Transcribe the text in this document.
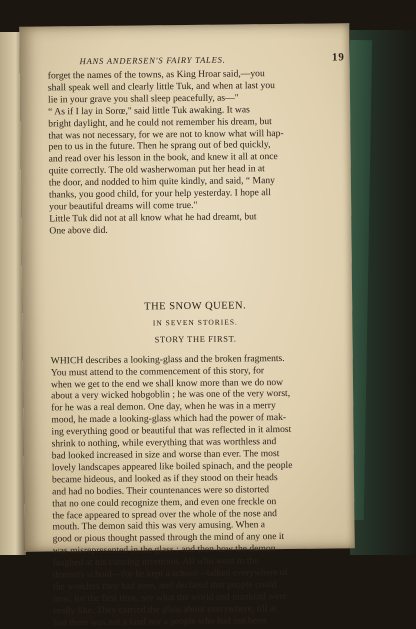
HANS ANDERSEN'S FAIRY TALES.	19
forget the names of the towns, as King Hroar said,—you
shall speak well and clearly little Tuk, and when at last you
lie in your grave you shall sleep peacefully, as—"
“ As if I lay in Sorœ," said little Tuk awaking. It was
bright daylight, and he could not remember his dream, but
that was not necessary, for we are not to know what will hap-
pen to us in the future. Then he sprang out of bed quickly,
and read over his lesson in the book, and knew it all at once
quite correctly. The old washerwoman put her head in at
the door, and nodded to him quite kindly, and said, “ Many
thanks, you good child, for your help yesterday. I hope all
your beautiful dreams will come true."
Little Tuk did not at all know what he had dreamt, but
One above did.
THE SNOW QUEEN.
IN SEVEN STORIES.
STORY THE FIRST.
WHICH describes a looking-glass and the broken fragments.
You must attend to the commencement of this story, for
when we get to the end we shall know more than we do now
about a very wicked hobgoblin ; he was one of the very worst,
for he was a real demon. One day, when he was in a merry
mood, he made a looking-glass which had the power of mak-
ing everything good or beautiful that was reflected in it almost
shrink to nothing, while everything that was worthless and
bad looked increased in size and worse than ever. The most
lovely landscapes appeared like boiled spinach, and the people
became hideous, and looked as if they stood on their heads
and had no bodies. Their countenances were so distorted
that no one could recognize them, and even one freckle on
the face appeared to spread over the whole of the nose and
mouth. The demon said this was very amusing. When a
good or pious thought passed through the mind of any one it
was misrepresented in the glass ; and then how the demon
laughed at his cunning invention. All who went to the
demon's school—for he kept a school—talked everywhere of
the wonders they had seen, and declared that people could
now, for the first time, see what the world and mankind were
really like. They carried the glass about everywhere, till at
last there was not a land nor a people who had not been
